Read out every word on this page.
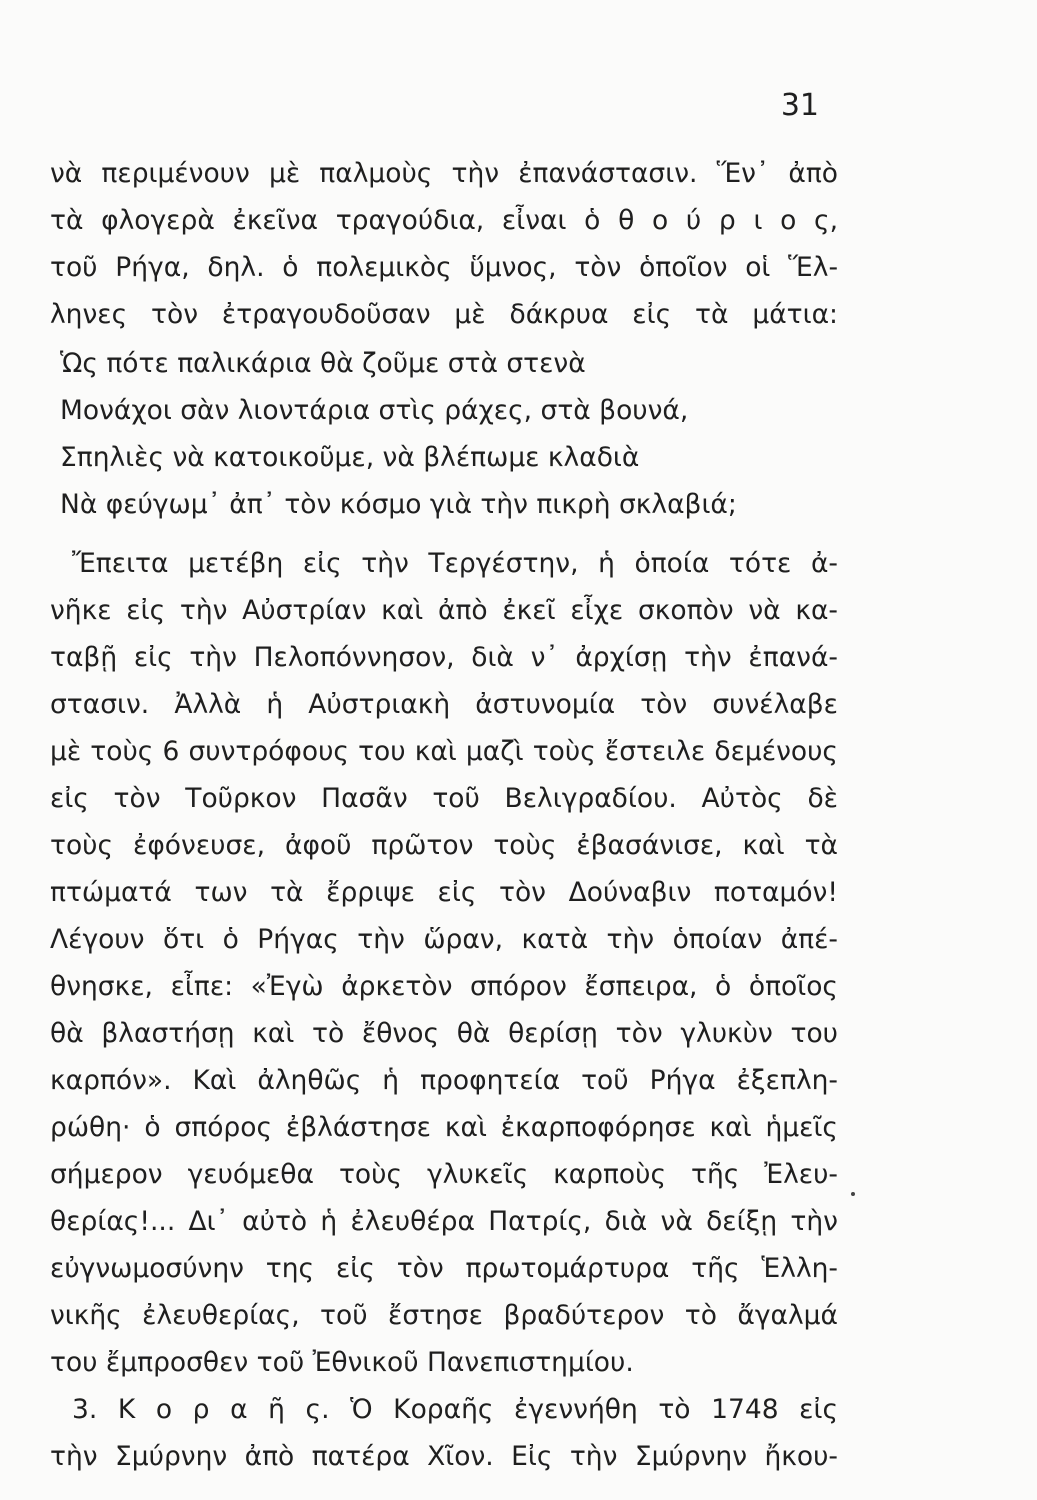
31
νὰ περιμένουν μὲ παλμοὺς τὴν ἐπανάστασιν. Ἕν᾽ ἀπὸ
τὰ φλογερὰ ἐκεῖνα τραγούδια, εἶναι ὁ θ ο ύ ρ ι ο ς,
τοῦ Ρήγα, δηλ. ὁ πολεμικὸς ὕμνος, τὸν ὁποῖον οἱ Ἕλ-
ληνες τὸν ἐτραγουδοῦσαν μὲ δάκρυα εἰς τὰ μάτια:
Ὡς πότε παλικάρια θὰ ζοῦμε στὰ στενὰ
Μονάχοι σὰν λιοντάρια στὶς ράχες, στὰ βουνά,
Σπηλιὲς νὰ κατοικοῦμε, νὰ βλέπωμε κλαδιὰ
Νὰ φεύγωμ᾽ ἀπ᾽ τὸν κόσμο γιὰ τὴν πικρὴ σκλαβιά;
Ἔπειτα μετέβη εἰς τὴν Τεργέστην, ἡ ὁποία τότε ἀ-
νῆκε εἰς τὴν Αὐστρίαν καὶ ἀπὸ ἐκεῖ εἶχε σκοπὸν νὰ κα-
ταβῇ εἰς τὴν Πελοπόννησον, διὰ ν᾽ ἀρχίσῃ τὴν ἐπανά-
στασιν. Ἀλλὰ ἡ Αὐστριακὴ ἀστυνομία τὸν συνέλαβε
μὲ τοὺς 6 συντρόφους του καὶ μαζὶ τοὺς ἔστειλε δεμένους
εἰς τὸν Τοῦρκον Πασᾶν τοῦ Βελιγραδίου. Αὐτὸς δὲ
τοὺς ἐφόνευσε, ἀφοῦ πρῶτον τοὺς ἐβασάνισε, καὶ τὰ
πτώματά των τὰ ἔρριψε εἰς τὸν Δούναβιν ποταμόν!
Λέγουν ὅτι ὁ Ρήγας τὴν ὥραν, κατὰ τὴν ὁποίαν ἀπέ-
θνησκε, εἶπε: «Ἐγὼ ἀρκετὸν σπόρον ἔσπειρα, ὁ ὁποῖος
θὰ βλαστήσῃ καὶ τὸ ἔθνος θὰ θερίσῃ τὸν γλυκὺν του
καρπόν». Καὶ ἀληθῶς ἡ προφητεία τοῦ Ρήγα ἐξεπλη-
ρώθη· ὁ σπόρος ἐβλάστησε καὶ ἐκαρποφόρησε καὶ ἡμεῖς
σήμερον γευόμεθα τοὺς γλυκεῖς καρποὺς τῆς Ἐλευ-
θερίας!... Δι᾽ αὐτὸ ἡ ἐλευθέρα Πατρίς, διὰ νὰ δείξῃ τὴν
εὐγνωμοσύνην της εἰς τὸν πρωτομάρτυρα τῆς Ἑλλη-
νικῆς ἐλευθερίας, τοῦ ἔστησε βραδύτερον τὸ ἄγαλμά
του ἔμπροσθεν τοῦ Ἐθνικοῦ Πανεπιστημίου.
3. Κ ο ρ α ῆ ς. Ὁ Κοραῆς ἐγεννήθη τὸ 1748 εἰς
τὴν Σμύρνην ἀπὸ πατέρα Χῖον. Εἰς τὴν Σμύρνην ἤκου-
